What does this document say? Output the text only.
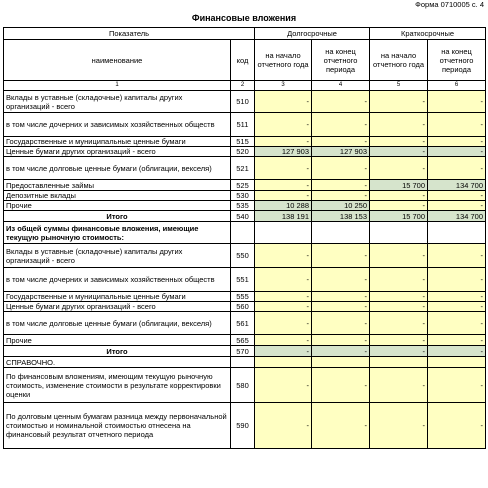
Форма 0710005 с. 4
Финансовые вложения
Показатель		Долгосрочные		Краткосрочные	
наименование	код	на начало отчетного года	на конец отчетного периода	на начало отчетного года	на конец отчетного периода
1	2	3	4	5	6
Вклады в уставные (складочные) капиталы других организаций - всего	510	-	-	-	-
в том числе дочерних и зависимых хозяйственных обществ	511	-	-	-	-
Государственные и муниципальные ценные бумаги	515	-	-	-	-
Ценные бумаги других организаций - всего	520	127 903	127 903	-	-
в том числе долговые ценные бумаги (облигации, векселя)	521	-	-	-	-
Предоставленные займы	525	-	-	15 700	134 700
Депозитные вклады	530	-	-	-	-
Прочие	535	10 288	10 250	-	-
Итого	540	138 191	138 153	15 700	134 700
Из общей суммы финансовые вложения, имеющие текущую рыночную стоимость:					
Вклады в уставные (складочные) капиталы других организаций - всего	550	-	-	-	-
в том числе дочерних и зависимых хозяйственных обществ	551	-	-	-	-
Государственные и муниципальные ценные бумаги	555	-	-	-	-
Ценные бумаги других организаций - всего	560	-	-	-	-
в том числе долговые ценные бумаги (облигации, векселя)	561	-	-	-	-
Прочие	565	-	-	-	-
Итого	570	-	-	-	-
СПРАВОЧНО.					
По финансовым вложениям, имеющим текущую рыночную стоимость, изменение стоимости в результате корректировки оценки	580	-	-	-	-
По долговым ценным бумагам разница между первоначальной стоимостью и номинальной стоимостью отнесена на финансовый результат отчетного периода	590	-	-	-	-
